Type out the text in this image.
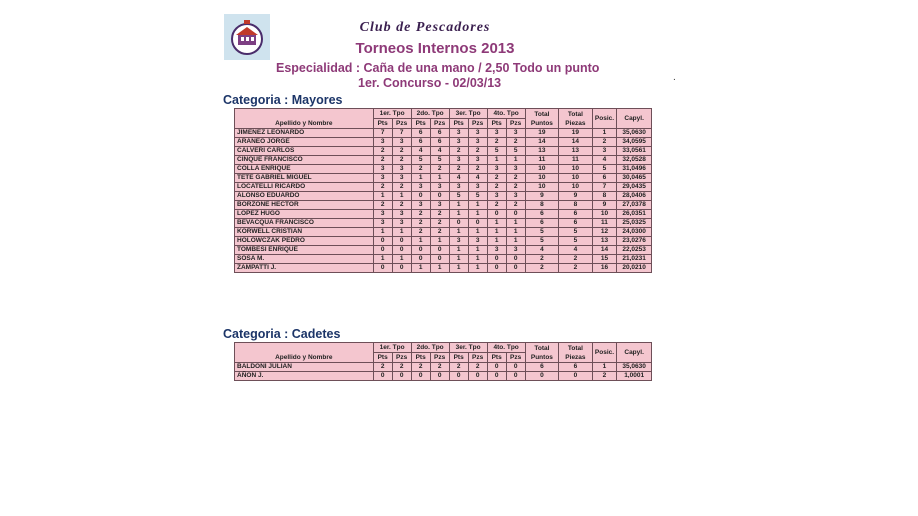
Club de Pescadores
Torneos Internos 2013
Especialidad : Caña de una mano / 2,50 Todo un punto
1er. Concurso - 02/03/13	.
Categoria : Mayores
Apellido y Nombre	1er. Tpo		2do. Tpo		3er. Tpo		4to. Tpo		Total Puntos	Total Piezas	Posic.	Capyl.
	Pts	Pzs	Pts	Pzs	Pts	Pzs	Pts	Pzs				
JIMENEZ LEONARDO	7	7	6	6	3	3	3	3	19	19	1	35,0630
ARANEO JORGE	3	3	6	6	3	3	2	2	14	14	2	34,0595
CALVERI CARLOS	2	2	4	4	2	2	5	5	13	13	3	33,0561
CINQUE FRANCISCO	2	2	5	5	3	3	1	1	11	11	4	32,0528
COLLA ENRIQUE	3	3	2	2	2	2	3	3	10	10	5	31,0496
TETE GABRIEL MIGUEL	3	3	1	1	4	4	2	2	10	10	6	30,0465
LOCATELLI RICARDO	2	2	3	3	3	3	2	2	10	10	7	29,0435
ALONSO EDUARDO	1	1	0	0	5	5	3	3	9	9	8	28,0406
BORZONE HECTOR	2	2	3	3	1	1	2	2	8	8	9	27,0378
LOPEZ HUGO	3	3	2	2	1	1	0	0	6	6	10	26,0351
BEVACQUA FRANCISCO	3	3	2	2	0	0	1	1	6	6	11	25,0325
KORWELL CRISTIAN	1	1	2	2	1	1	1	1	5	5	12	24,0300
HOLOWCZAK PEDRO	0	0	1	1	3	3	1	1	5	5	13	23,0276
TOMBESI ENRIQUE	0	0	0	0	1	1	3	3	4	4	14	22,0253
SOSA M.	1	1	0	0	1	1	0	0	2	2	15	21,0231
ZAMPATTI J.	0	0	1	1	1	1	0	0	2	2	16	20,0210
Categoria : Cadetes
Apellido y Nombre	1er. Tpo		2do. Tpo		3er. Tpo		4to. Tpo		Total Puntos	Total Piezas	Posic.	Capyl.
	Pts	Pzs	Pts	Pzs	Pts	Pzs	Pts	Pzs				
BALDONI JULIAN	2	2	2	2	2	2	0	0	6	6	1	35,0630
AÑON J.	0	0	0	0	0	0	0	0	0	0	2	1,0001
